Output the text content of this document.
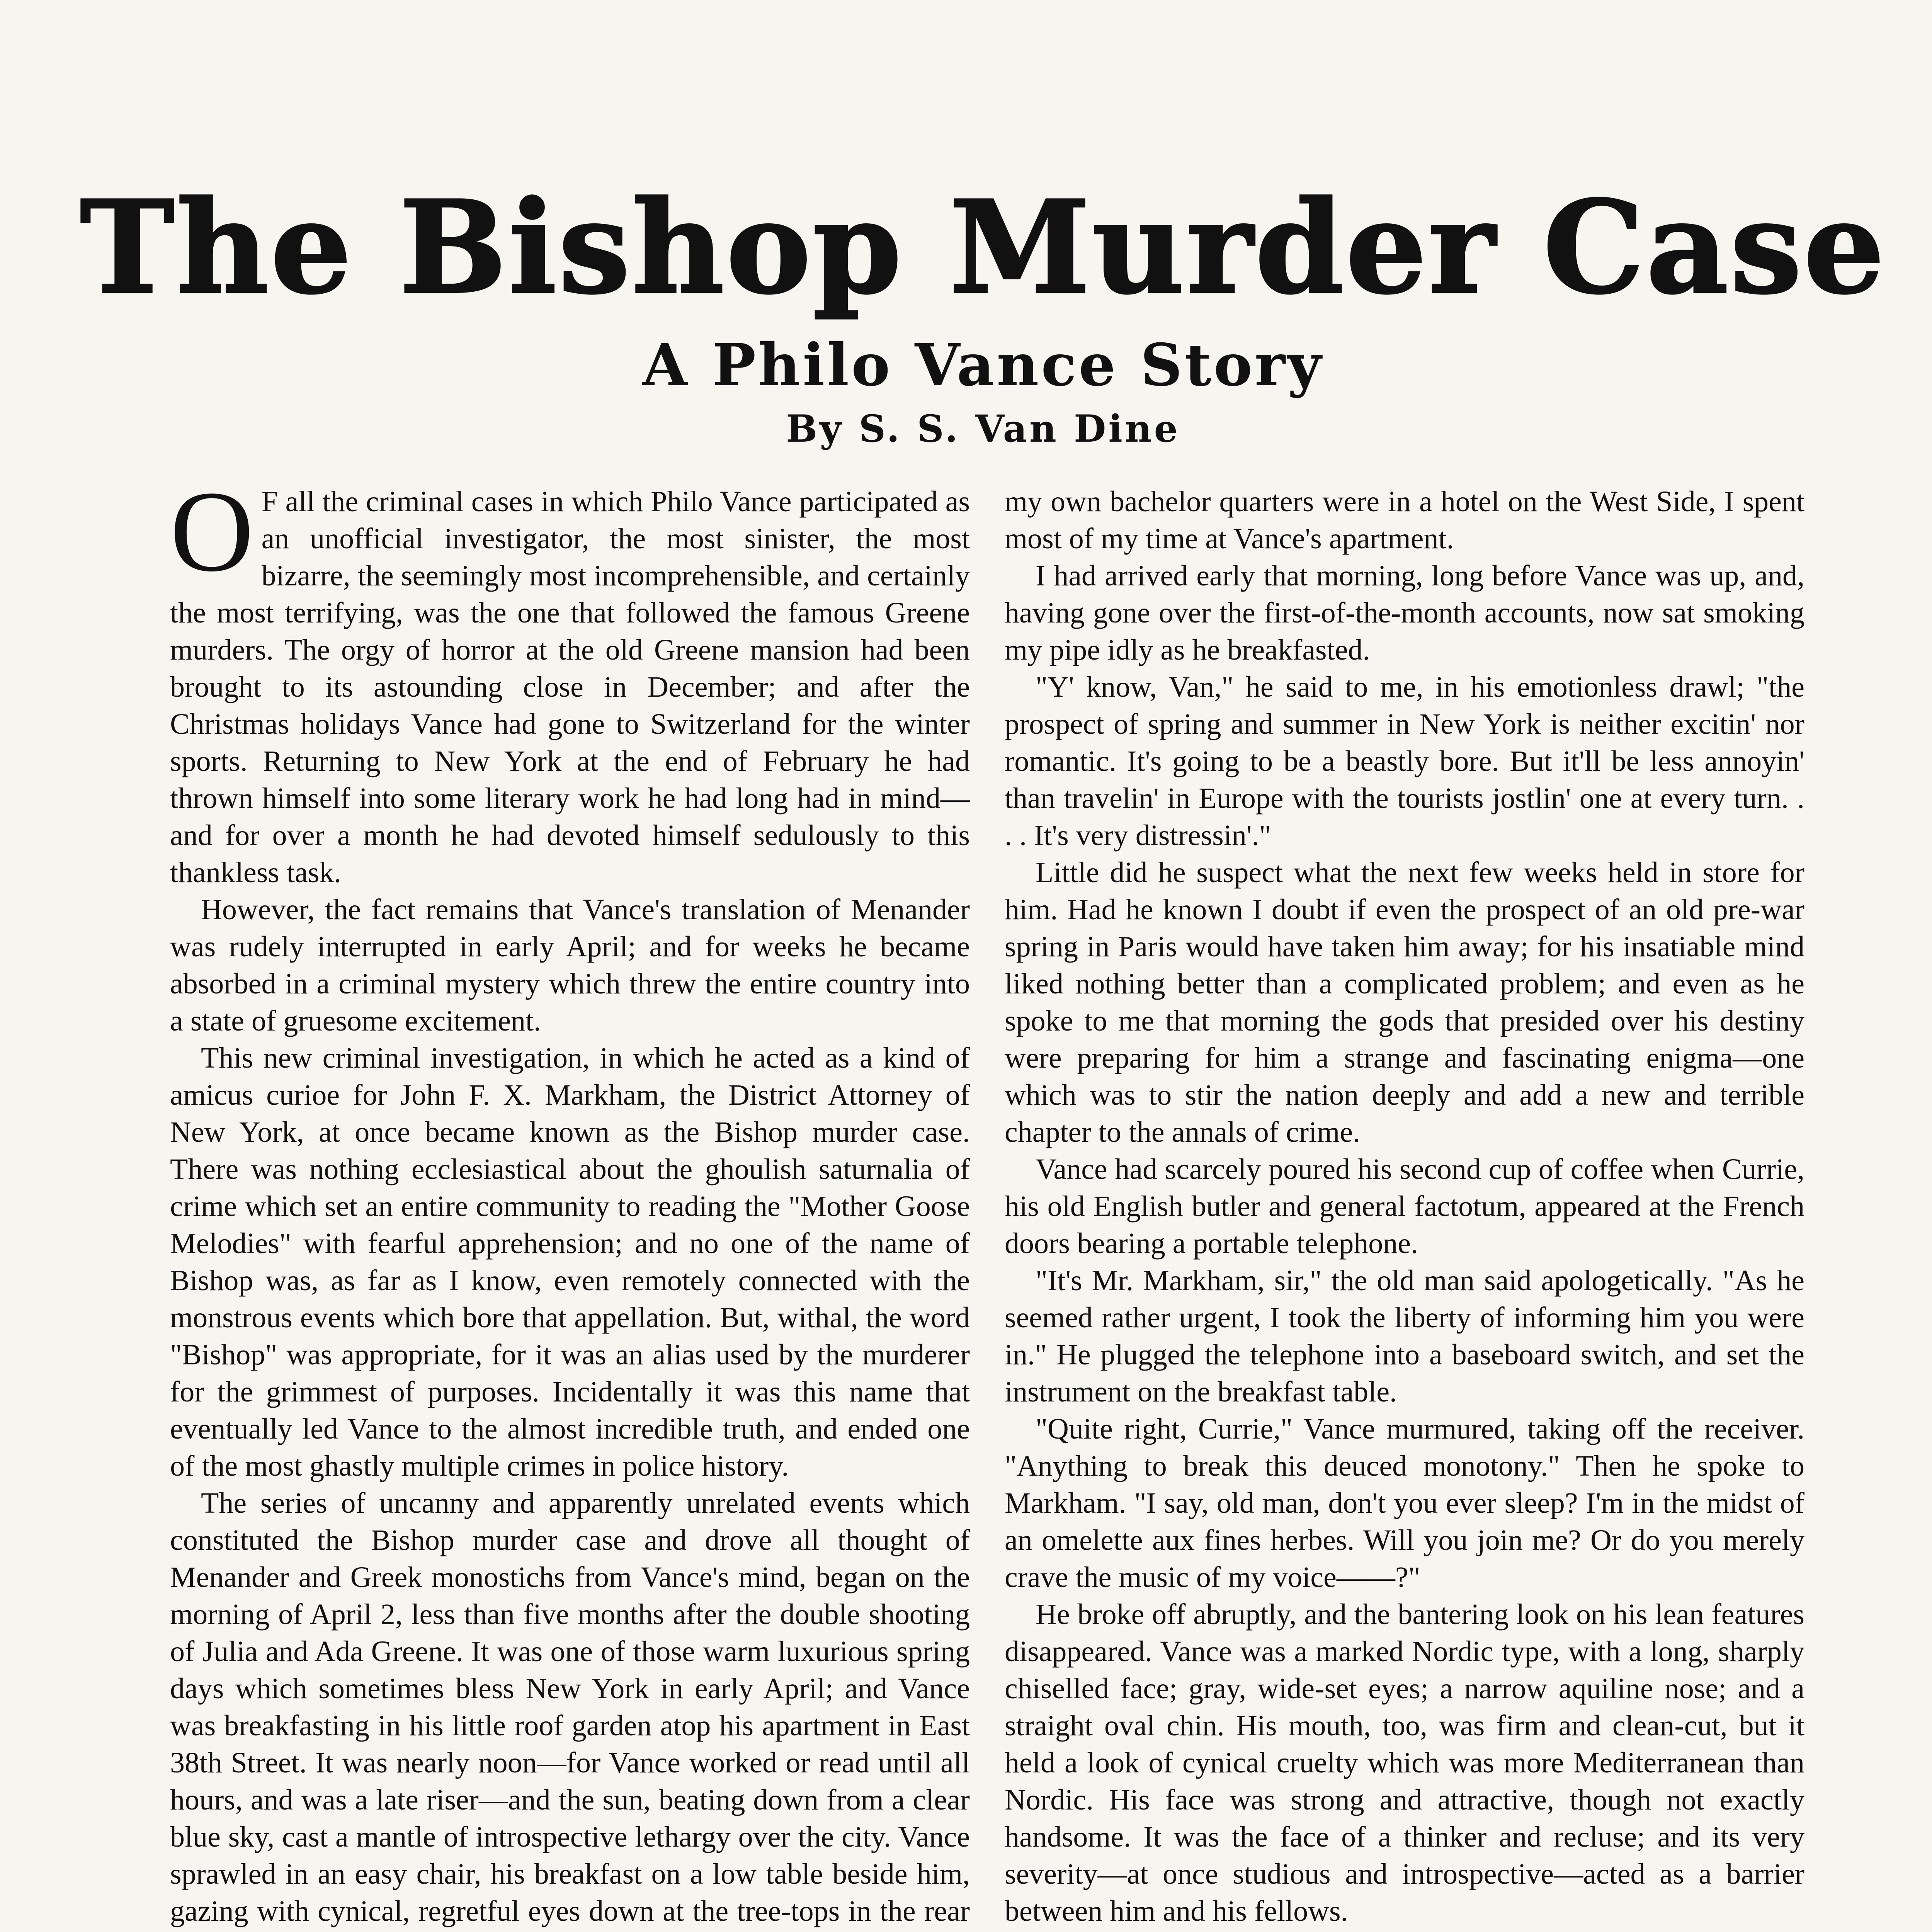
The Bishop Murder Case
A Philo Vance Story
By S. S. Van Dine

O F all the criminal cases in which Philo Vance participated as an unofficial investigator, the most sinister, the most bizarre, the seemingly most incomprehensible, and certainly the most terrifying, was the one that followed the famous Greene murders. The orgy of horror at the old Greene mansion had been brought to its astounding close in December; and after the Christmas holidays Vance had gone to Switzerland for the winter sports. Returning to New York at the end of February he had thrown himself into some literary work he had long had in mind—and for over a month he had devoted himself sedulously to this thankless task.

However, the fact remains that Vance's translation of Menander was rudely interrupted in early April; and for weeks he became absorbed in a criminal mystery which threw the entire country into a state of gruesome excitement.

This new criminal investigation, in which he acted as a kind of amicus curioe for John F. X. Markham, the District Attorney of New York, at once became known as the Bishop murder case. There was nothing ecclesiastical about the ghoulish saturnalia of crime which set an entire community to reading the "Mother Goose Melodies" with fearful apprehension; and no one of the name of Bishop was, as far as I know, even remotely connected with the monstrous events which bore that appellation. But, withal, the word "Bishop" was appropriate, for it was an alias used by the murderer for the grimmest of purposes. Incidentally it was this name that eventually led Vance to the almost incredible truth, and ended one of the most ghastly multiple crimes in police history.

The series of uncanny and apparently unrelated events which constituted the Bishop murder case and drove all thought of Menander and Greek monostichs from Vance's mind, began on the morning of April 2, less than five months after the double shooting of Julia and Ada Greene. It was one of those warm luxurious spring days which sometimes bless New York in early April; and Vance was breakfasting in his little roof garden atop his apartment in East 38th Street. It was nearly noon—for Vance worked or read until all hours, and was a late riser—and the sun, beating down from a clear blue sky, cast a mantle of introspective lethargy over the city. Vance sprawled in an easy chair, his breakfast on a low table beside him, gazing with cynical, regretful eyes down at the tree-tops in the rear

my own bachelor quarters were in a hotel on the West Side, I spent most of my time at Vance's apartment.

I had arrived early that morning, long before Vance was up, and, having gone over the first-of-the-month accounts, now sat smoking my pipe idly as he breakfasted.

"Y' know, Van," he said to me, in his emotionless drawl; "the prospect of spring and summer in New York is neither excitin' nor romantic. It's going to be a beastly bore. But it'll be less annoyin' than travelin' in Europe with the tourists jostlin' one at every turn. . . . It's very distressin'."

Little did he suspect what the next few weeks held in store for him. Had he known I doubt if even the prospect of an old pre-war spring in Paris would have taken him away; for his insatiable mind liked nothing better than a complicated problem; and even as he spoke to me that morning the gods that presided over his destiny were preparing for him a strange and fascinating enigma—one which was to stir the nation deeply and add a new and terrible chapter to the annals of crime.

Vance had scarcely poured his second cup of coffee when Currie, his old English butler and general factotum, appeared at the French doors bearing a portable telephone.

"It's Mr. Markham, sir," the old man said apologetically. "As he seemed rather urgent, I took the liberty of informing him you were in." He plugged the telephone into a baseboard switch, and set the instrument on the breakfast table.

"Quite right, Currie," Vance murmured, taking off the receiver. "Anything to break this deuced monotony." Then he spoke to Markham. "I say, old man, don't you ever sleep? I'm in the midst of an omelette aux fines herbes. Will you join me? Or do you merely crave the music of my voice——?"

He broke off abruptly, and the bantering look on his lean features disappeared. Vance was a marked Nordic type, with a long, sharply chiselled face; gray, wide-set eyes; a narrow aquiline nose; and a straight oval chin. His mouth, too, was firm and clean-cut, but it held a look of cynical cruelty which was more Mediterranean than Nordic. His face was strong and attractive, though not exactly handsome. It was the face of a thinker and recluse; and its very severity—at once studious and introspective—acted as a barrier between him and his fellows.
